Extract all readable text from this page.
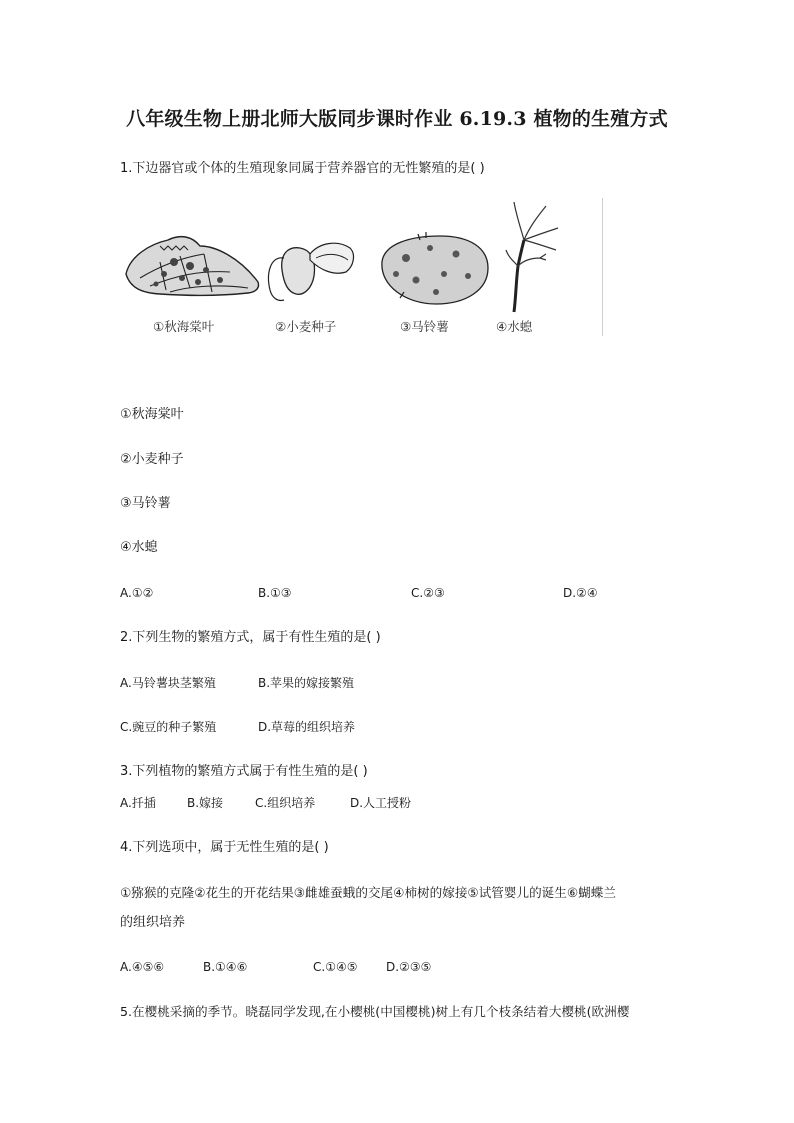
八年级生物上册北师大版同步课时作业 6.19.3 植物的生殖方式
1.下边器官或个体的生殖现象同属于营养器官的无性繁殖的是( )
①秋海棠叶	②小麦种子	③马铃薯	④水螅
①秋海棠叶
②小麦种子
③马铃薯
④水螅
A.①②	B.①③	C.②③	D.②④
2.下列生物的繁殖方式，属于有性生殖的是( )
A.马铃薯块茎繁殖	B.苹果的嫁接繁殖
C.豌豆的种子繁殖	D.草莓的组织培养
3.下列植物的繁殖方式属于有性生殖的是( )
A.扦插	B.嫁接	C.组织培养	D.人工授粉
4.下列选项中，属于无性生殖的是( )
①猕猴的克隆②花生的开花结果③雌雄蚕蛾的交尾④柿树的嫁接⑤试管婴儿的诞生⑥蝴蝶兰
的组织培养
A.④⑤⑥	B.①④⑥	C.①④⑤ D.②③⑤
5.在樱桃采摘的季节。晓磊同学发现,在小樱桃(中国樱桃)树上有几个枝条结着大樱桃(欧洲樱
